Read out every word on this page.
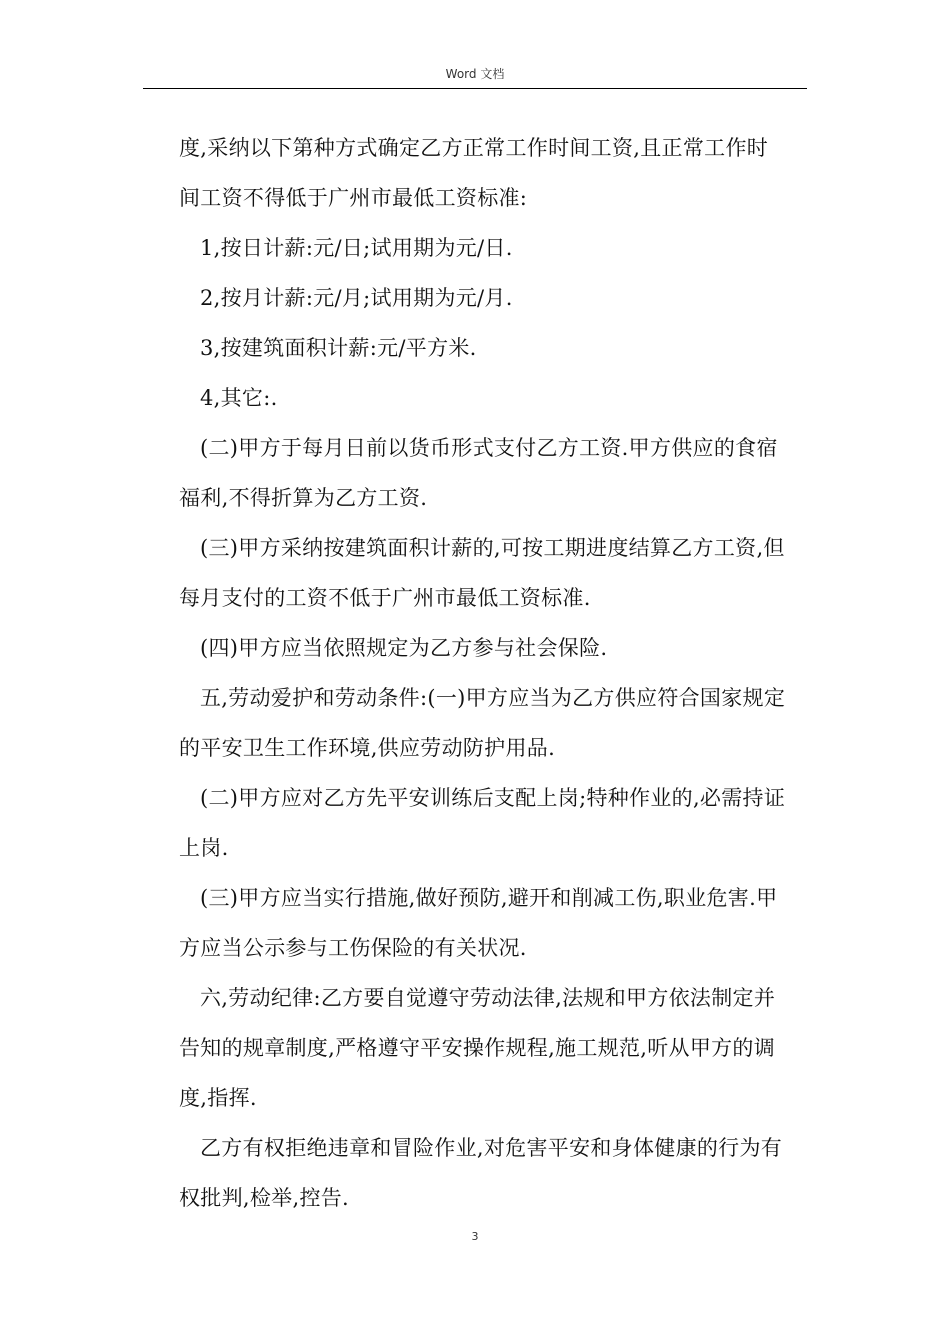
Word 文档
度,采纳以下第种方式确定乙方正常工作时间工资,且正常工作时
间工资不得低于广州市最低工资标准:
1,按日计薪:元/日;试用期为元/日.
2,按月计薪:元/月;试用期为元/月.
3,按建筑面积计薪:元/平方米.
4,其它:.
(二)甲方于每月日前以货币形式支付乙方工资.甲方供应的食宿
福利,不得折算为乙方工资.
(三)甲方采纳按建筑面积计薪的,可按工期进度结算乙方工资,但
每月支付的工资不低于广州市最低工资标准.
(四)甲方应当依照规定为乙方参与社会保险.
五,劳动爱护和劳动条件:(一)甲方应当为乙方供应符合国家规定
的平安卫生工作环境,供应劳动防护用品.
(二)甲方应对乙方先平安训练后支配上岗;特种作业的,必需持证
上岗.
(三)甲方应当实行措施,做好预防,避开和削减工伤,职业危害.甲
方应当公示参与工伤保险的有关状况.
六,劳动纪律:乙方要自觉遵守劳动法律,法规和甲方依法制定并
告知的规章制度,严格遵守平安操作规程,施工规范,听从甲方的调
度,指挥.
乙方有权拒绝违章和冒险作业,对危害平安和身体健康的行为有
权批判,检举,控告.
3
